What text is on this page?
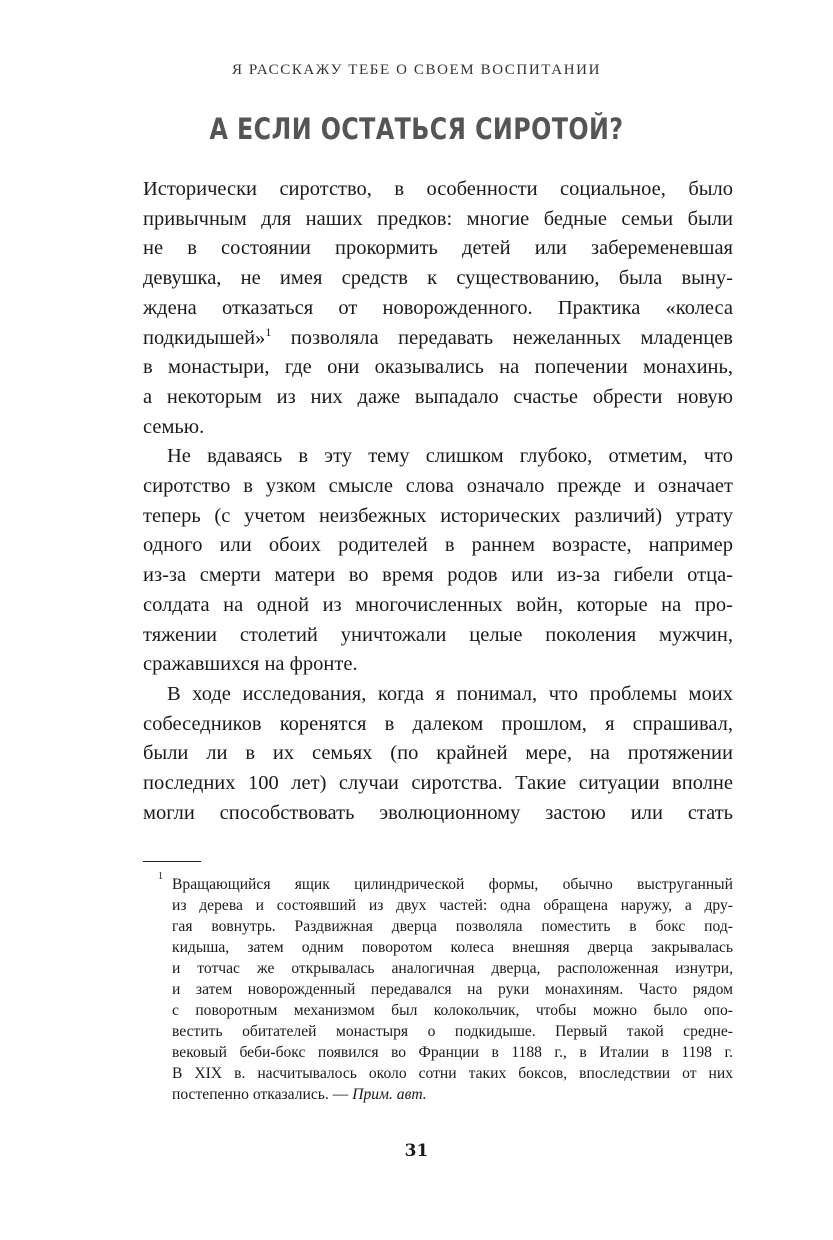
Я РАССКАЖУ ТЕБЕ О СВОЕМ ВОСПИТАНИИ
А ЕСЛИ ОСТАТЬСЯ СИРОТОЙ?
Исторически сиротство, в особенности социальное, было
привычным для наших предков: многие бедные семьи были
не в состоянии прокормить детей или забеременевшая
девушка, не имея средств к существованию, была выну-
ждена отказаться от новорожденного. Практика «колеса
подкидышей»$^1$ позволяла передавать нежеланных младенцев
в монастыри, где они оказывались на попечении монахинь,
а некоторым из них даже выпадало счастье обрести новую
семью.
Не вдаваясь в эту тему слишком глубоко, отметим, что
сиротство в узком смысле слова означало прежде и означает
теперь (с учетом неизбежных исторических различий) утрату
одного или обоих родителей в раннем возрасте, например
из-за смерти матери во время родов или из-за гибели отца-
солдата на одной из многочисленных войн, которые на про-
тяжении столетий уничтожали целые поколения мужчин,
сражавшихся на фронте.
В ходе исследования, когда я понимал, что проблемы моих
собеседников коренятся в далеком прошлом, я спрашивал,
были ли в их семьях (по крайней мере, на протяжении
последних 100 лет) случаи сиротства. Такие ситуации вполне
могли способствовать эволюционному застою или стать
1 Вращающийся ящик цилиндрической формы, обычно выструганный
из дерева и состоявший из двух частей: одна обращена наружу, а дру-
гая вовнутрь. Раздвижная дверца позволяла поместить в бокс под-
кидыша, затем одним поворотом колеса внешняя дверца закрывалась
и тотчас же открывалась аналогичная дверца, расположенная изнутри,
и затем новорожденный передавался на руки монахиням. Часто рядом
с поворотным механизмом был колокольчик, чтобы можно было опо-
вестить обитателей монастыря о подкидыше. Первый такой средне-
вековый беби-бокс появился во Франции в 1188 г., в Италии в 1198 г.
В XIX в. насчитывалось около сотни таких боксов, впоследствии от них
постепенно отказались. — Прим. авт.
31
